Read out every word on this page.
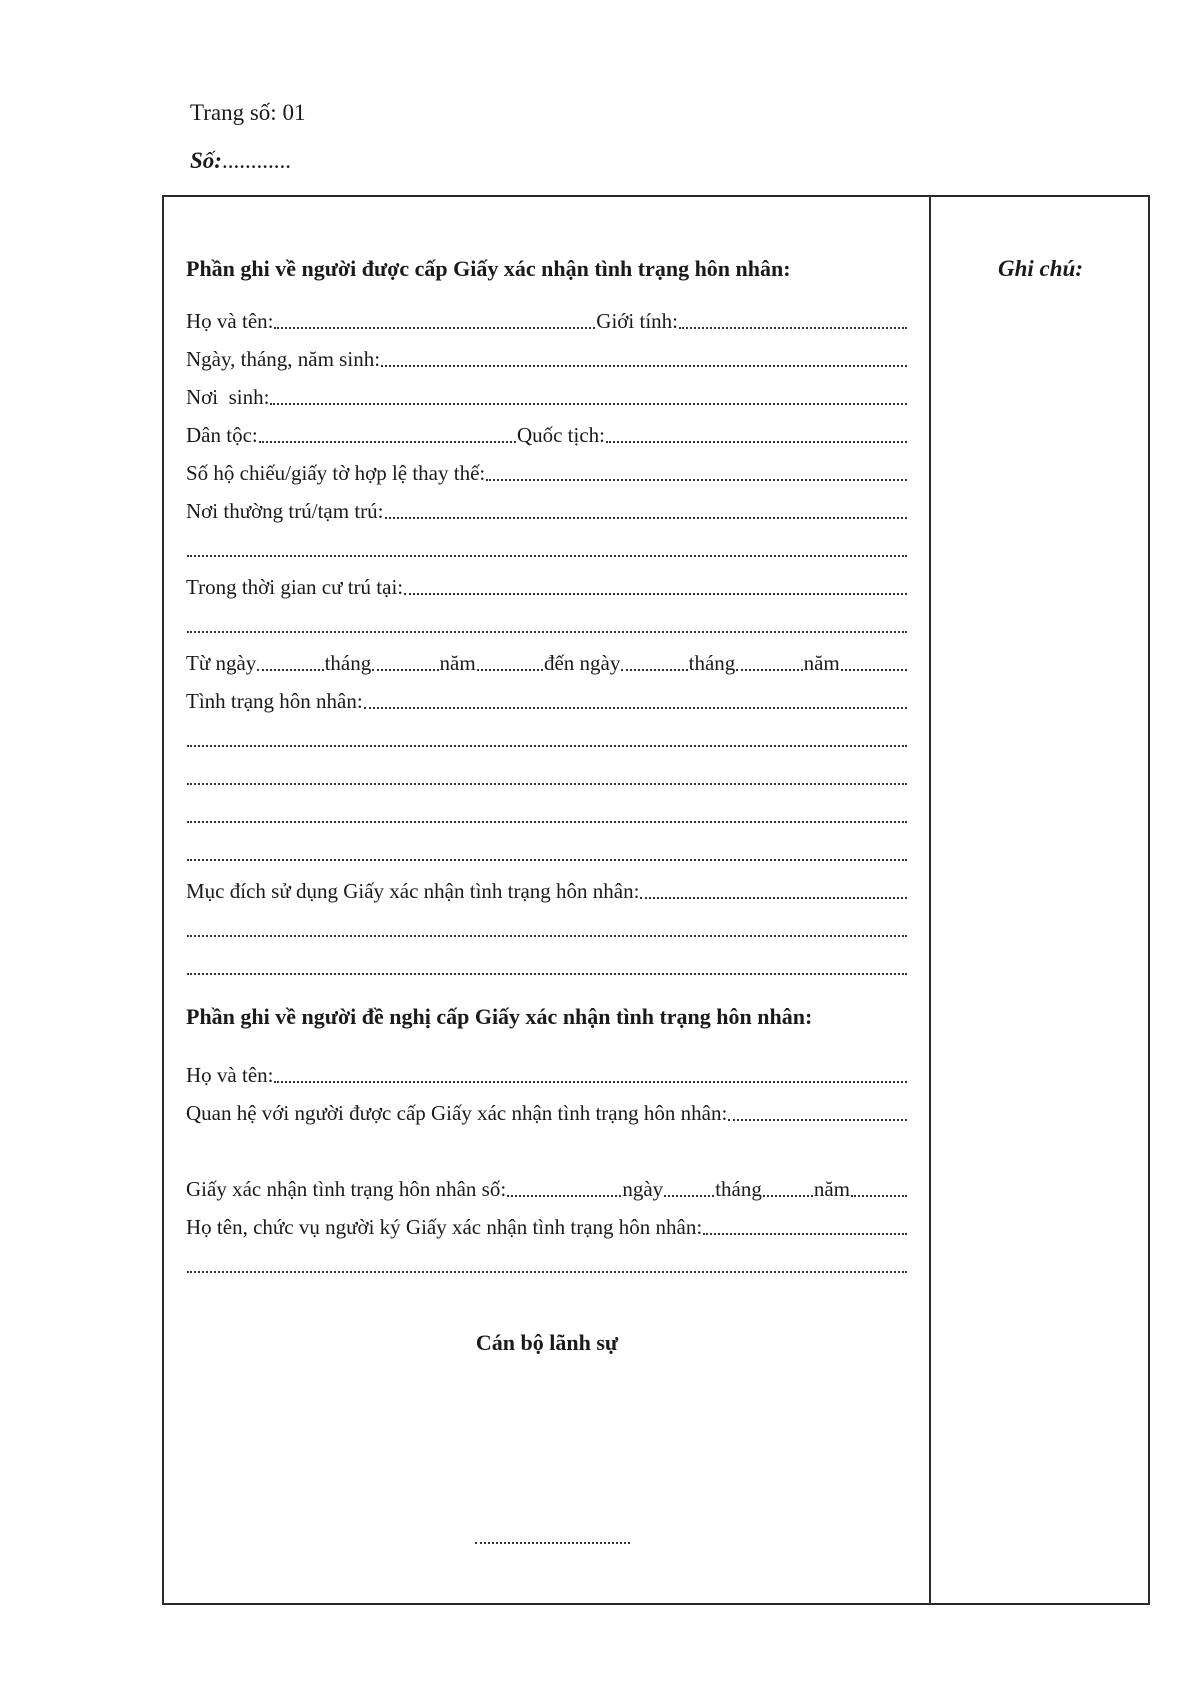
Trang số: 01
Số:............
Ghi chú:
Phần ghi về người được cấp Giấy xác nhận tình trạng hôn nhân:
Họ và tên:	Giới tính:
Ngày, tháng, năm sinh:
Nơi  sinh:
Dân tộc:	Quốc tịch:
Số hộ chiếu/giấy tờ hợp lệ thay thế:
Nơi thường trú/tạm trú:
Trong thời gian cư trú tại:
Từ ngày	tháng	năm	đến ngày	tháng	năm
Tình trạng hôn nhân:
Mục đích sử dụng Giấy xác nhận tình trạng hôn nhân:
Phần ghi về người đề nghị cấp Giấy xác nhận tình trạng hôn nhân:
Họ và tên:
Quan hệ với người được cấp Giấy xác nhận tình trạng hôn nhân:
Giấy xác nhận tình trạng hôn nhân số:	ngày tháng năm
Họ tên, chức vụ người ký Giấy xác nhận tình trạng hôn nhân:
Cán bộ lãnh sự
